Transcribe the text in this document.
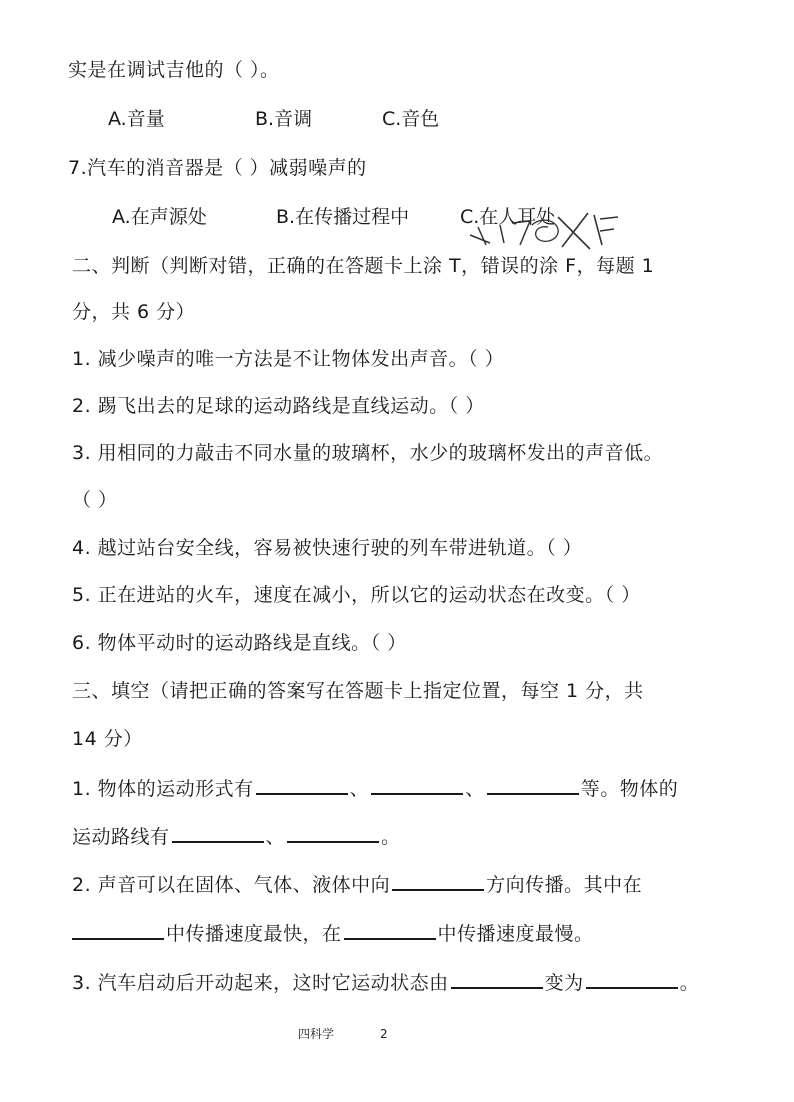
实是在调试吉他的（ ）。
A.音量	B.音调	C.音色
7.汽车的消音器是（ ）减弱噪声的
A.在声源处	B.在传播过程中	C.在人耳处
二、判断（判断对错，正确的在答题卡上涂 T，错误的涂 F，每题 1
分，共 6 分）
1. 减少噪声的唯一方法是不让物体发出声音。（ ）
2. 踢飞出去的足球的运动路线是直线运动。（ ）
3. 用相同的力敲击不同水量的玻璃杯，水少的玻璃杯发出的声音低。
（ ）
4. 越过站台安全线，容易被快速行驶的列车带进轨道。（ ）
5. 正在进站的火车，速度在减小，所以它的运动状态在改变。（ ）
6. 物体平动时的运动路线是直线。（ ）
三、填空（请把正确的答案写在答题卡上指定位置，每空 1 分，共
14 分）
1. 物体的运动形式有	、	、	等。物体的
运动路线有	、	。
2. 声音可以在固体、气体、液体中向	方向传播。其中在
中传播速度最快，在	中传播速度最慢。
3. 汽车启动后开动起来，这时它运动状态由	变为	。
四科学	2
